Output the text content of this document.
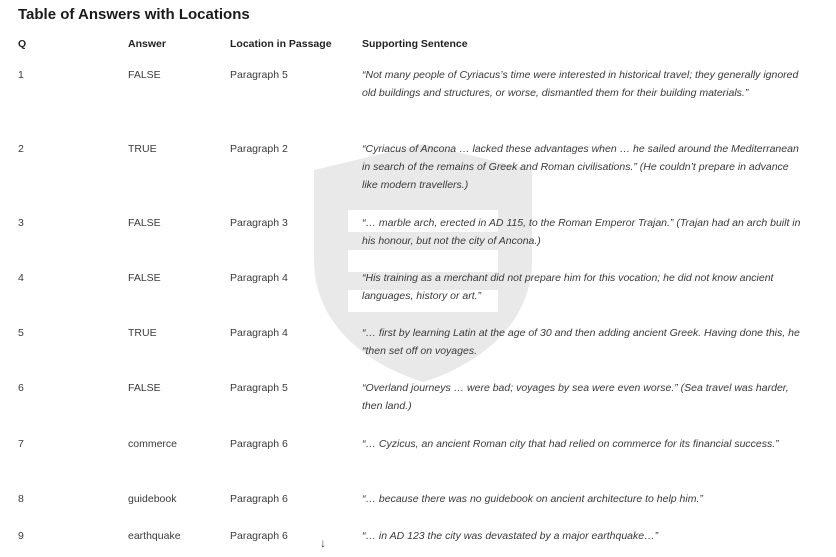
Table of Answers with Locations
Q	Answer	Location in Passage	Supporting Sentence
1	FALSE	Paragraph 5	“Not many people of Cyriacus’s time were interested in historical travel; they generally ignored old buildings and structures, or worse, dismantled them for their building materials.”
2	TRUE	Paragraph 2	“Cyriacus of Ancona … lacked these advantages when … he sailed around the Mediterranean in search of the remains of Greek and Roman civilisations.” (He couldn’t prepare in advance like modern travellers.)
3	FALSE	Paragraph 3	“… marble arch, erected in AD 115, to the Roman Emperor Trajan.” (Trajan had an arch built in his honour, but not the city of Ancona.)
4	FALSE	Paragraph 4	“His training as a merchant did not prepare him for this vocation; he did not know ancient languages, history or art.”
5	TRUE	Paragraph 4	“… first by learning Latin at the age of 30 and then adding ancient Greek. Having done this, he “then set off on voyages.
6	FALSE	Paragraph 5	“Overland journeys … were bad; voyages by sea were even worse.” (Sea travel was harder, then land.)
7	commerce	Paragraph 6	“… Cyzicus, an ancient Roman city that had relied on commerce for its financial success.”
8	guidebook	Paragraph 6	“… because there was no guidebook on ancient architecture to help him.”
9	earthquake	Paragraph 6	“… in AD 123 the city was devastated by a major earthquake…”
↓
